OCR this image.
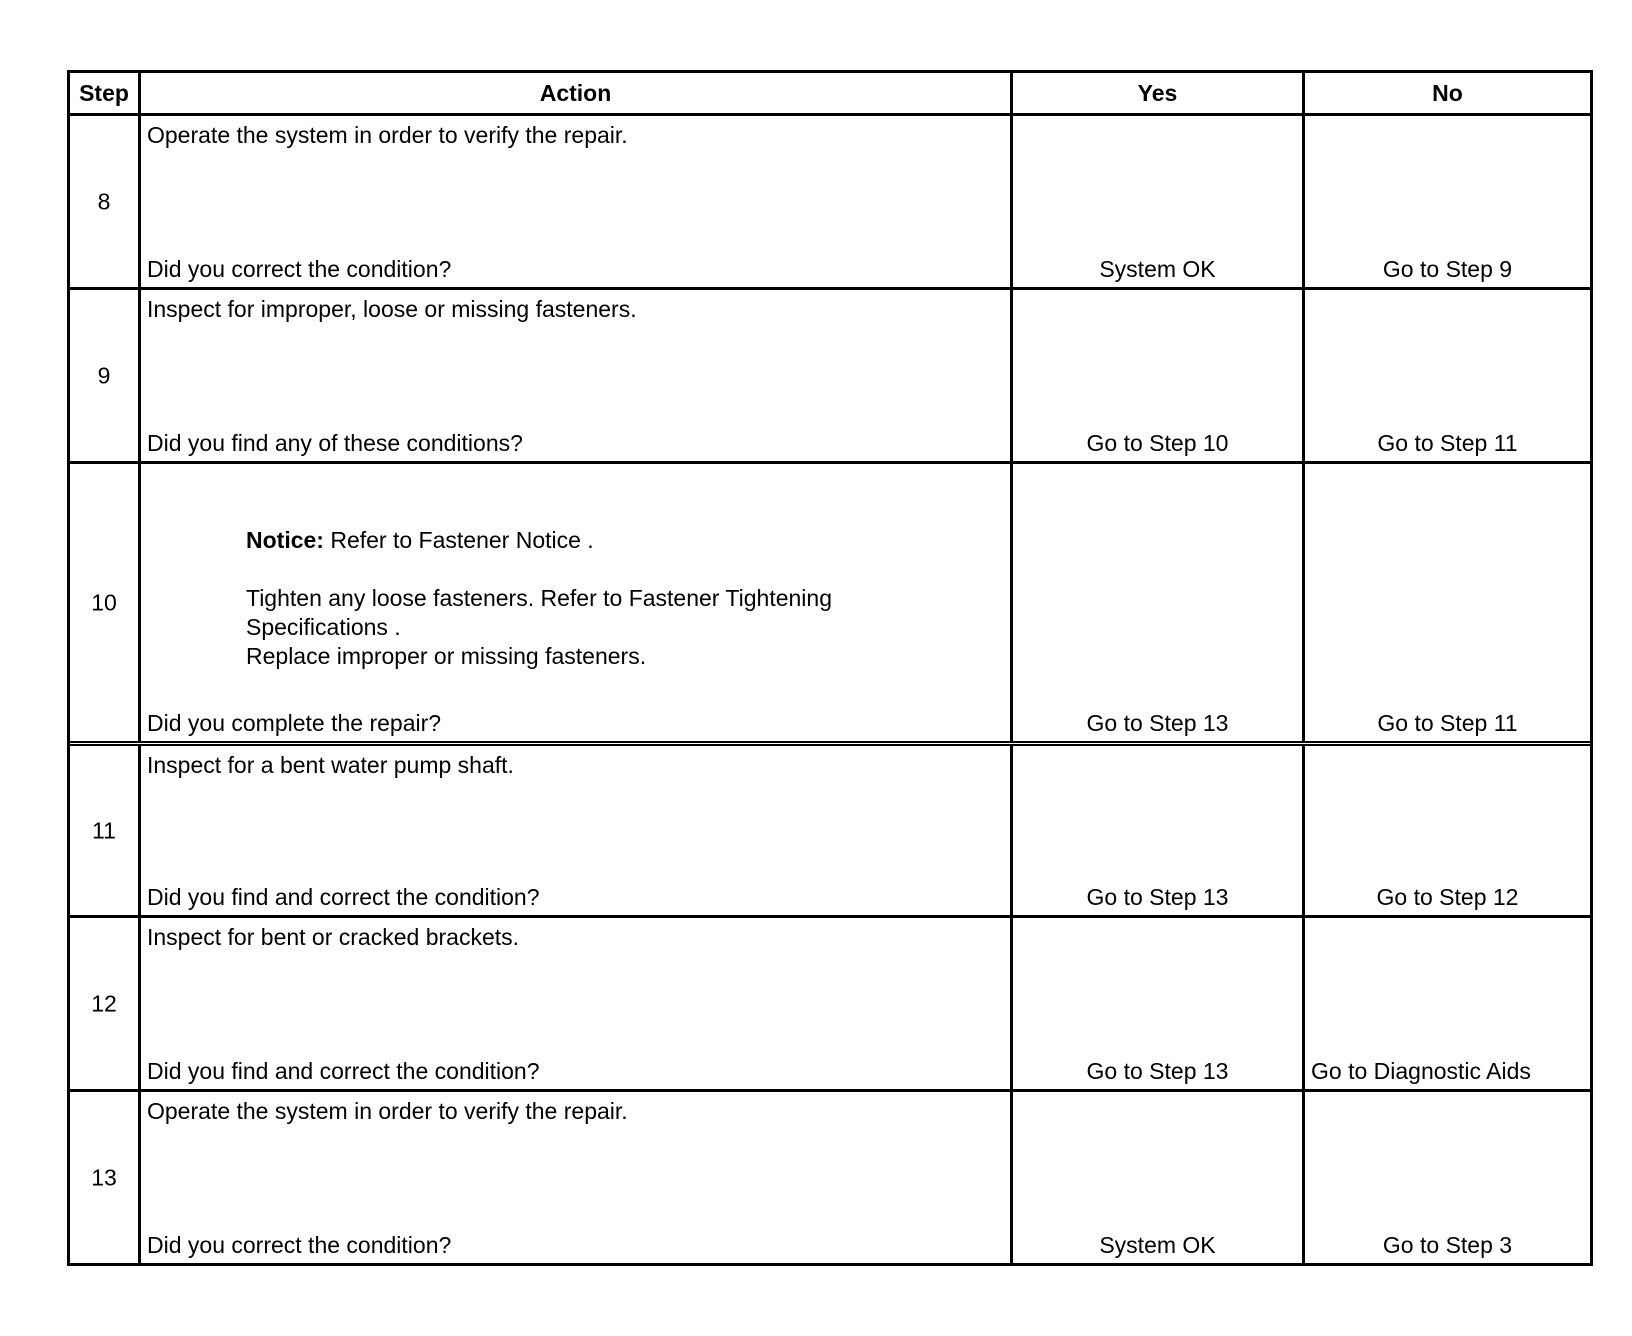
Step	Action	Yes	No
8
Operate the system in order to verify the repair.
Did you correct the condition?	System OK	Go to Step 9
9
Inspect for improper, loose or missing fasteners.
Did you find any of these conditions?	Go to Step 10	Go to Step 11
10

Notice: Refer to Fastener Notice .

Tighten any loose fasteners. Refer to Fastener Tightening

Specifications .

Replace improper or missing fasteners.

Did you complete the repair?	Go to Step 13	Go to Step 11
11
Inspect for a bent water pump shaft.
Did you find and correct the condition?	Go to Step 13	Go to Step 12
12
Inspect for bent or cracked brackets.
Did you find and correct the condition?	Go to Step 13	Go to Diagnostic Aids
13
Operate the system in order to verify the repair.
Did you correct the condition?	System OK	Go to Step 3
